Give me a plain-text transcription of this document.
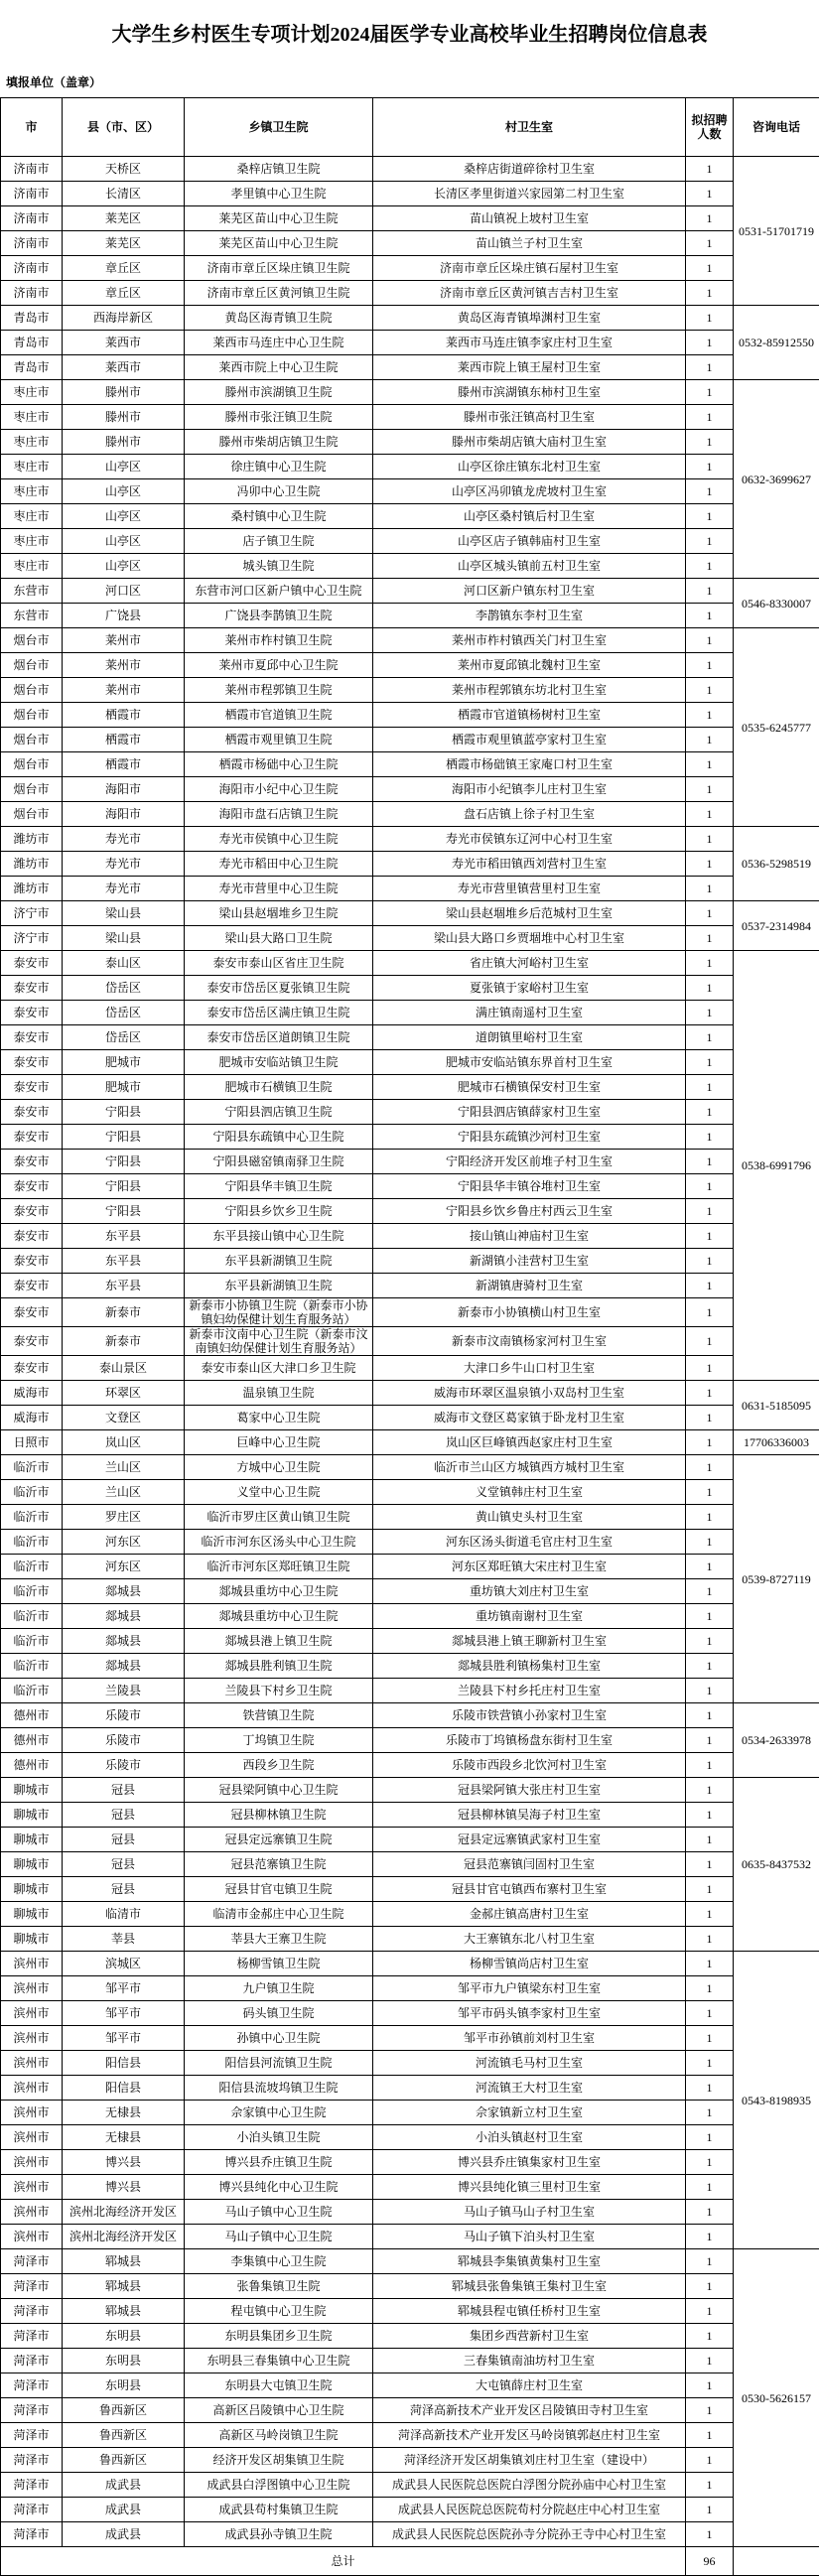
大学生乡村医生专项计划2024届医学专业高校毕业生招聘岗位信息表
填报单位（盖章）
市	县（市、区）	乡镇卫生院	村卫生室	拟招聘人数	咨询电话
济南市	天桥区	桑梓店镇卫生院	桑梓店街道碎徐村卫生室	1	0531-51701719
济南市	长清区	孝里镇中心卫生院	长清区孝里街道兴家园第二村卫生室	1	
济南市	莱芜区	莱芜区苗山中心卫生院	苗山镇祝上坡村卫生室	1	
济南市	莱芜区	莱芜区苗山中心卫生院	苗山镇兰子村卫生室	1	
济南市	章丘区	济南市章丘区垛庄镇卫生院	济南市章丘区垛庄镇石屋村卫生室	1	
济南市	章丘区	济南市章丘区黄河镇卫生院	济南市章丘区黄河镇吉吉村卫生室	1	
青岛市	西海岸新区	黄岛区海青镇卫生院	黄岛区海青镇埠渊村卫生室	1	0532-85912550
青岛市	莱西市	莱西市马连庄中心卫生院	莱西市马连庄镇李家庄村卫生室	1	
青岛市	莱西市	莱西市院上中心卫生院	莱西市院上镇王屋村卫生室	1	
枣庄市	滕州市	滕州市滨湖镇卫生院	滕州市滨湖镇东柿村卫生室	1	0632-3699627
枣庄市	滕州市	滕州市张汪镇卫生院	滕州市张汪镇高村卫生室	1	
枣庄市	滕州市	滕州市柴胡店镇卫生院	滕州市柴胡店镇大庙村卫生室	1	
枣庄市	山亭区	徐庄镇中心卫生院	山亭区徐庄镇东北村卫生室	1	
枣庄市	山亭区	冯卯中心卫生院	山亭区冯卯镇龙虎坡村卫生室	1	
枣庄市	山亭区	桑村镇中心卫生院	山亭区桑村镇后村卫生室	1	
枣庄市	山亭区	店子镇卫生院	山亭区店子镇韩庙村卫生室	1	
枣庄市	山亭区	城头镇卫生院	山亭区城头镇前五村卫生室	1	
东营市	河口区	东营市河口区新户镇中心卫生院	河口区新户镇东村卫生室	1	0546-8330007
东营市	广饶县	广饶县李鹊镇卫生院	李鹊镇东李村卫生室	1	
烟台市	莱州市	莱州市柞村镇卫生院	莱州市柞村镇西关门村卫生室	1	0535-6245777
烟台市	莱州市	莱州市夏邱中心卫生院	莱州市夏邱镇北魏村卫生室	1	
烟台市	莱州市	莱州市程郭镇卫生院	莱州市程郭镇东坊北村卫生室	1	
烟台市	栖霞市	栖霞市官道镇卫生院	栖霞市官道镇杨树村卫生室	1	
烟台市	栖霞市	栖霞市观里镇卫生院	栖霞市观里镇蓝亭家村卫生室	1	
烟台市	栖霞市	栖霞市杨础中心卫生院	栖霞市杨础镇王家庵口村卫生室	1	
烟台市	海阳市	海阳市小纪中心卫生院	海阳市小纪镇李儿庄村卫生室	1	
烟台市	海阳市	海阳市盘石店镇卫生院	盘石店镇上徐子村卫生室	1	
潍坊市	寿光市	寿光市侯镇中心卫生院	寿光市侯镇东辽河中心村卫生室	1	0536-5298519
潍坊市	寿光市	寿光市稻田中心卫生院	寿光市稻田镇西刘营村卫生室	1	
潍坊市	寿光市	寿光市营里中心卫生院	寿光市营里镇营里村卫生室	1	
济宁市	梁山县	梁山县赵堌堆乡卫生院	梁山县赵堌堆乡后范城村卫生室	1	0537-2314984
济宁市	梁山县	梁山县大路口卫生院	梁山县大路口乡贾堌堆中心村卫生室	1	
泰安市	泰山区	泰安市泰山区省庄卫生院	省庄镇大河峪村卫生室	1	0538-6991796
泰安市	岱岳区	泰安市岱岳区夏张镇卫生院	夏张镇于家峪村卫生室	1	
泰安市	岱岳区	泰安市岱岳区满庄镇卫生院	满庄镇南遥村卫生室	1	
泰安市	岱岳区	泰安市岱岳区道朗镇卫生院	道朗镇里峪村卫生室	1	
泰安市	肥城市	肥城市安临站镇卫生院	肥城市安临站镇东界首村卫生室	1	
泰安市	肥城市	肥城市石横镇卫生院	肥城市石横镇保安村卫生室	1	
泰安市	宁阳县	宁阳县泗店镇卫生院	宁阳县泗店镇薛家村卫生室	1	
泰安市	宁阳县	宁阳县东疏镇中心卫生院	宁阳县东疏镇沙河村卫生室	1	
泰安市	宁阳县	宁阳县磁窑镇南驿卫生院	宁阳经济开发区前堆子村卫生室	1	
泰安市	宁阳县	宁阳县华丰镇卫生院	宁阳县华丰镇谷堆村卫生室	1	
泰安市	宁阳县	宁阳县乡饮乡卫生院	宁阳县乡饮乡鲁庄村西云卫生室	1	
泰安市	东平县	东平县接山镇中心卫生院	接山镇山神庙村卫生室	1	
泰安市	东平县	东平县新湖镇卫生院	新湖镇小洼营村卫生室	1	
泰安市	东平县	东平县新湖镇卫生院	新湖镇唐骑村卫生室	1	
泰安市	新泰市	新泰市小协镇卫生院（新泰市小协镇妇幼保健计划生育服务站）	新泰市小协镇横山村卫生室	1	
泰安市	新泰市	新泰市汶南中心卫生院（新泰市汶南镇妇幼保健计划生育服务站）	新泰市汶南镇杨家河村卫生室	1	
泰安市	泰山景区	泰安市泰山区大津口乡卫生院	大津口乡牛山口村卫生室	1	
威海市	环翠区	温泉镇卫生院	威海市环翠区温泉镇小双岛村卫生室	1	0631-5185095
威海市	文登区	葛家中心卫生院	威海市文登区葛家镇于卧龙村卫生室	1	
日照市	岚山区	巨峰中心卫生院	岚山区巨峰镇西赵家庄村卫生室	1	17706336003
临沂市	兰山区	方城中心卫生院	临沂市兰山区方城镇西方城村卫生室	1	0539-8727119
临沂市	兰山区	义堂中心卫生院	义堂镇韩庄村卫生室	1	
临沂市	罗庄区	临沂市罗庄区黄山镇卫生院	黄山镇史头村卫生室	1	
临沂市	河东区	临沂市河东区汤头中心卫生院	河东区汤头街道毛官庄村卫生室	1	
临沂市	河东区	临沂市河东区郑旺镇卫生院	河东区郑旺镇大宋庄村卫生室	1	
临沂市	郯城县	郯城县重坊中心卫生院	重坊镇大刘庄村卫生室	1	
临沂市	郯城县	郯城县重坊中心卫生院	重坊镇南谢村卫生室	1	
临沂市	郯城县	郯城县港上镇卫生院	郯城县港上镇王聊新村卫生室	1	
临沂市	郯城县	郯城县胜利镇卫生院	郯城县胜利镇杨集村卫生室	1	
临沂市	兰陵县	兰陵县下村乡卫生院	兰陵县下村乡托庄村卫生室	1	
德州市	乐陵市	铁营镇卫生院	乐陵市铁营镇小孙家村卫生室	1	0534-2633978
德州市	乐陵市	丁坞镇卫生院	乐陵市丁坞镇杨盘东街村卫生室	1	
德州市	乐陵市	西段乡卫生院	乐陵市西段乡北饮河村卫生室	1	
聊城市	冠县	冠县梁阿镇中心卫生院	冠县梁阿镇大张庄村卫生室	1	0635-8437532
聊城市	冠县	冠县柳林镇卫生院	冠县柳林镇吴海子村卫生室	1	
聊城市	冠县	冠县定远寨镇卫生院	冠县定远寨镇武家村卫生室	1	
聊城市	冠县	冠县范寨镇卫生院	冠县范寨镇闫固村卫生室	1	
聊城市	冠县	冠县甘官屯镇卫生院	冠县甘官屯镇西布寨村卫生室	1	
聊城市	临清市	临清市金郝庄中心卫生院	金郝庄镇高唐村卫生室	1	
聊城市	莘县	莘县大王寨卫生院	大王寨镇东北八村卫生室	1	
滨州市	滨城区	杨柳雪镇卫生院	杨柳雪镇尚店村卫生室	1	0543-8198935
滨州市	邹平市	九户镇卫生院	邹平市九户镇梁东村卫生室	1	
滨州市	邹平市	码头镇卫生院	邹平市码头镇李家村卫生室	1	
滨州市	邹平市	孙镇中心卫生院	邹平市孙镇前刘村卫生室	1	
滨州市	阳信县	阳信县河流镇卫生院	河流镇毛马村卫生室	1	
滨州市	阳信县	阳信县流坡坞镇卫生院	河流镇王大村卫生室	1	
滨州市	无棣县	佘家镇中心卫生院	佘家镇新立村卫生室	1	
滨州市	无棣县	小泊头镇卫生院	小泊头镇赵村卫生室	1	
滨州市	博兴县	博兴县乔庄镇卫生院	博兴县乔庄镇集家村卫生室	1	
滨州市	博兴县	博兴县纯化中心卫生院	博兴县纯化镇三里村卫生室	1	
滨州市	滨州北海经济开发区	马山子镇中心卫生院	马山子镇马山子村卫生室	1	
滨州市	滨州北海经济开发区	马山子镇中心卫生院	马山子镇下泊头村卫生室	1	
菏泽市	郓城县	李集镇中心卫生院	郓城县李集镇黄集村卫生室	1	0530-5626157
菏泽市	郓城县	张鲁集镇卫生院	郓城县张鲁集镇王集村卫生室	1	
菏泽市	郓城县	程屯镇中心卫生院	郓城县程屯镇任桥村卫生室	1	
菏泽市	东明县	东明县集团乡卫生院	集团乡西营新村卫生室	1	
菏泽市	东明县	东明县三春集镇中心卫生院	三春集镇南油坊村卫生室	1	
菏泽市	东明县	东明县大屯镇卫生院	大屯镇薛庄村卫生室	1	
菏泽市	鲁西新区	高新区吕陵镇中心卫生院	菏泽高新技术产业开发区吕陵镇田寺村卫生室	1	
菏泽市	鲁西新区	高新区马岭岗镇卫生院	菏泽高新技术产业开发区马岭岗镇郭赵庄村卫生室	1	
菏泽市	鲁西新区	经济开发区胡集镇卫生院	菏泽经济开发区胡集镇刘庄村卫生室（建设中）	1	
菏泽市	成武县	成武县白浮图镇中心卫生院	成武县人民医院总医院白浮图分院孙庙中心村卫生室	1	
菏泽市	成武县	成武县苟村集镇卫生院	成武县人民医院总医院苟村分院赵庄中心村卫生室	1	
菏泽市	成武县	成武县孙寺镇卫生院	成武县人民医院总医院孙寺分院孙王寺中心村卫生室	1	
总计				96	
